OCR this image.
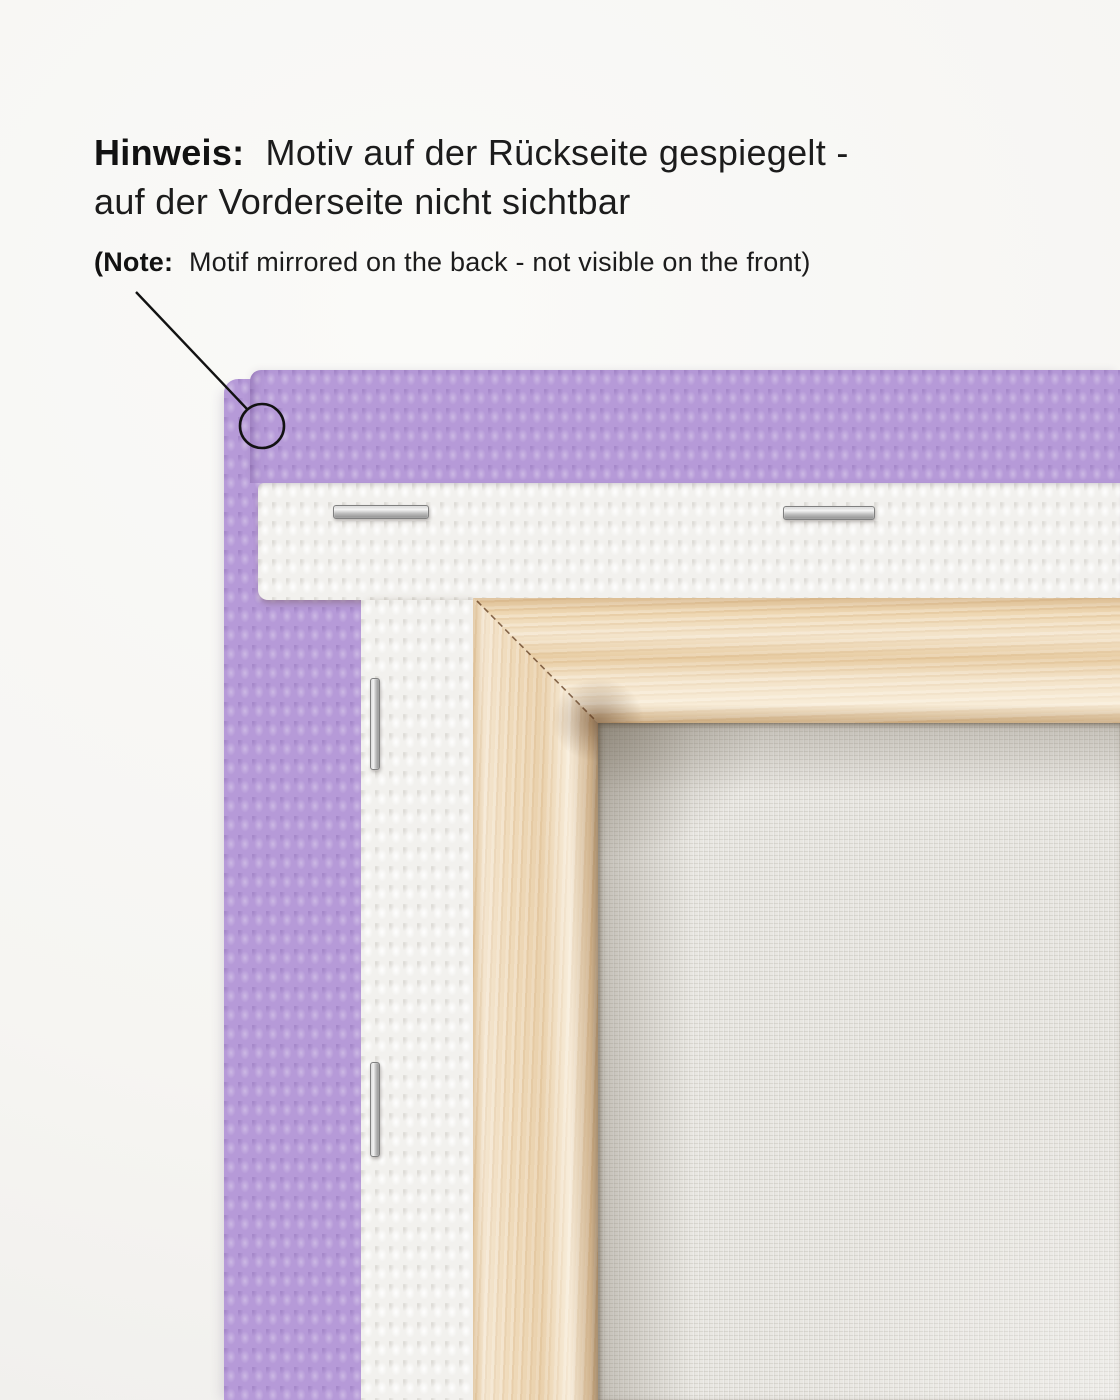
Hinweis: Motiv auf der Rückseite gespiegelt -
auf der Vorderseite nicht sichtbar

(Note: Motif mirrored on the back - not visible on the front)
